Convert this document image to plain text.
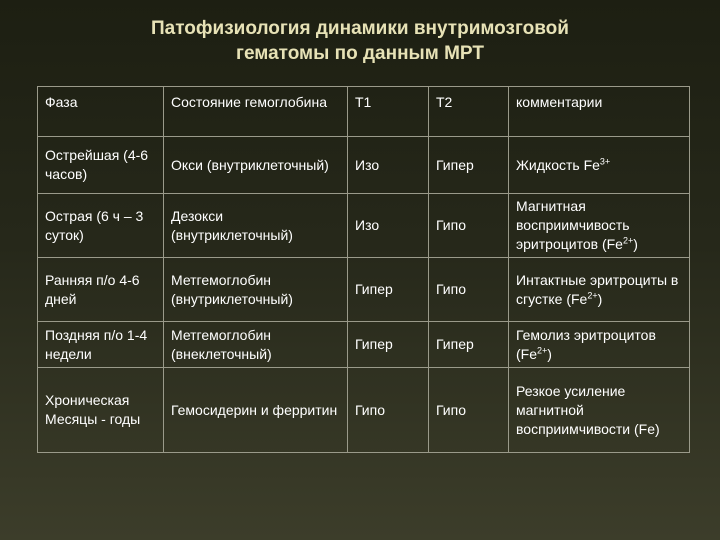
Патофизиология динамики внутримозговой
гематомы по данным МРТ
Фаза	Состояние гемоглобина	Т1	Т2	комментарии
Острейшая (4-6 часов)	Окси (внутриклеточный)	Изо	Гипер	Жидкость $Fe^{3+}$
Острая (6 ч – 3 суток)	Дезокси (внутриклеточный)	Изо	Гипо	Магнитная восприимчивость эритроцитов $(Fe^{2+})$
Ранняя п/о 4-6 дней	Метгемоглобин (внутриклеточный)	Гипер	Гипо	Интактные эритроциты в сгустке $(Fe^{2+})$
Поздняя п/о 1-4 недели	Метгемоглобин (внеклеточный)	Гипер	Гипер	Гемолиз эритроцитов $(Fe^{2+})$
Хроническая Месяцы - годы	Гемосидерин и ферритин	Гипо	Гипо	Резкое усиление магнитной восприимчивости (Fe)
